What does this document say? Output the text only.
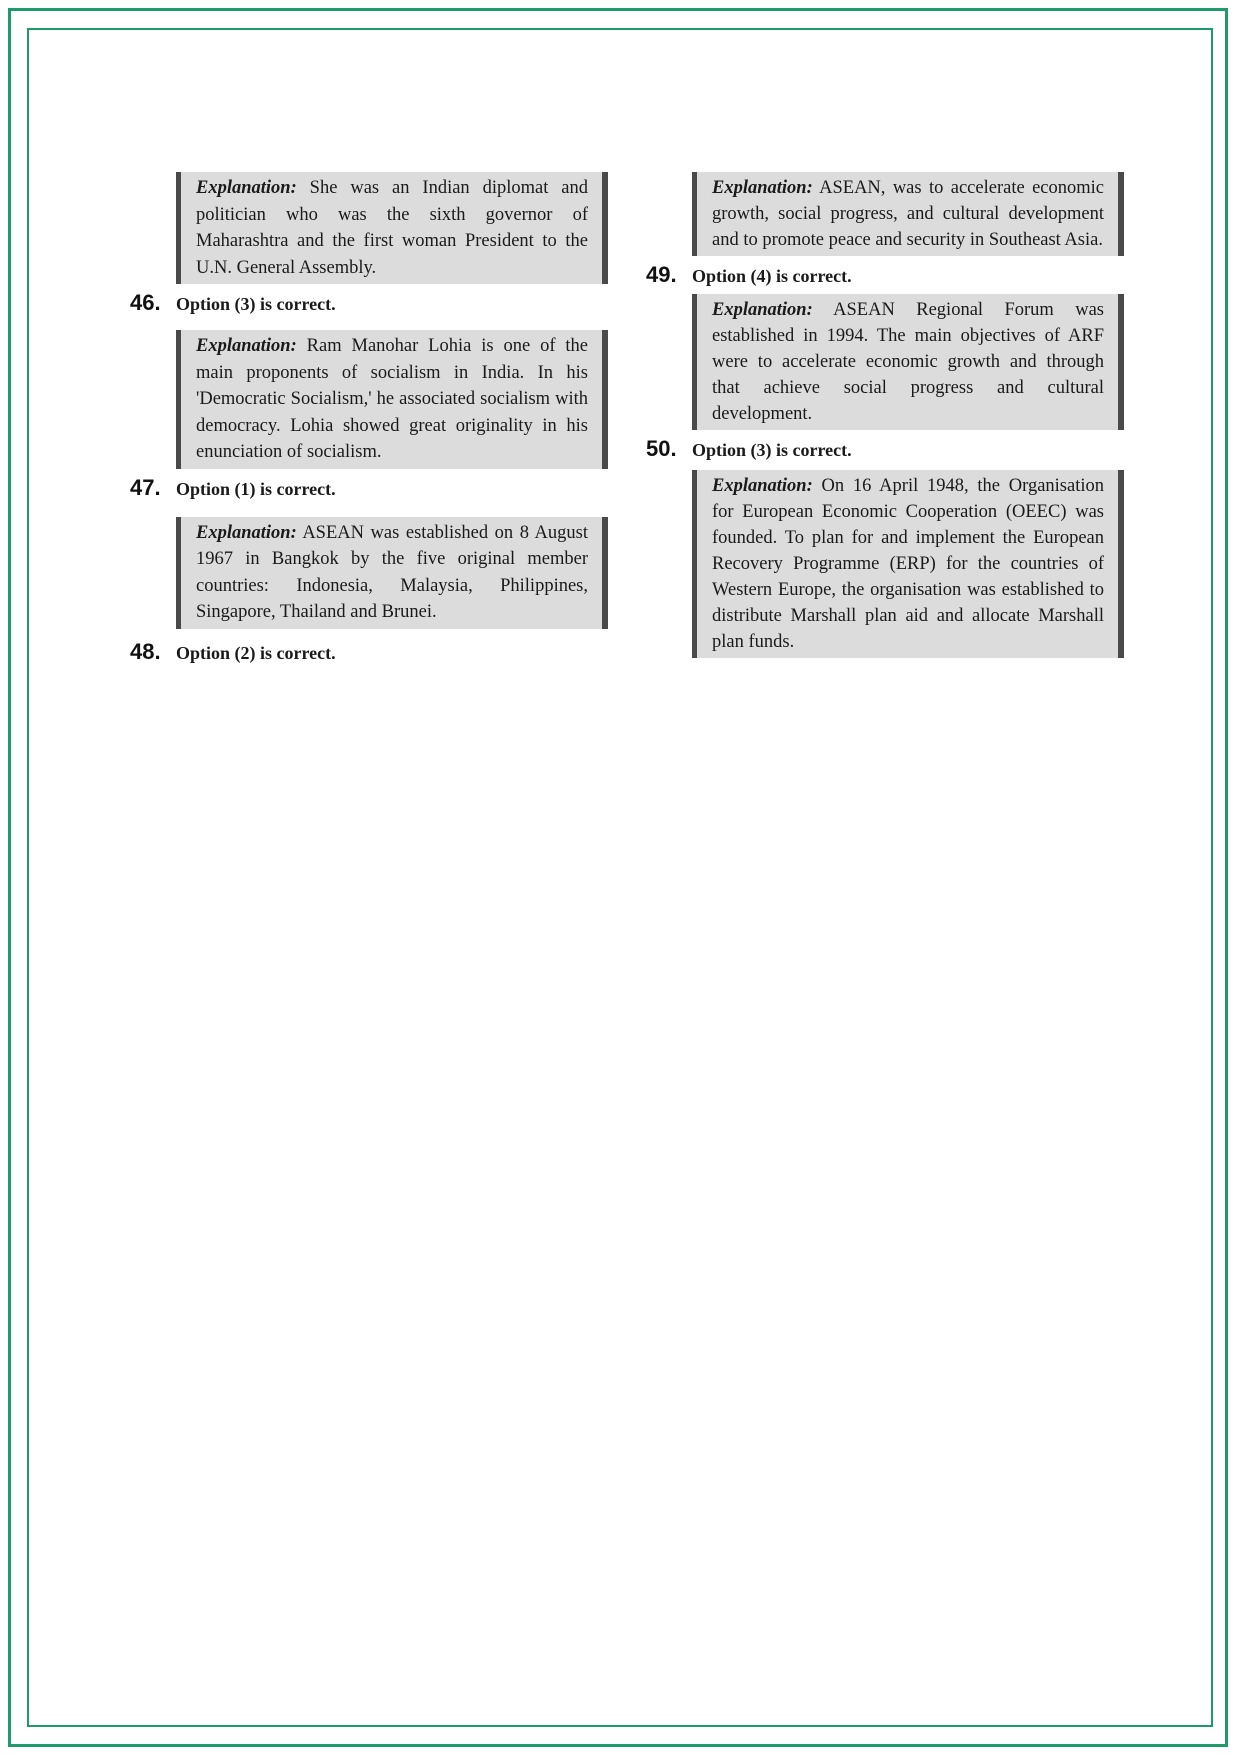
Explanation: She was an Indian diplomat and politician who was the sixth governor of Maharashtra and the first woman President to the U.N. General Assembly.
46. Option (3) is correct.
Explanation: Ram Manohar Lohia is one of the main proponents of socialism in India. In his 'Democratic Socialism,' he associated socialism with democracy. Lohia showed great originality in his enunciation of socialism.
47. Option (1) is correct.
Explanation: ASEAN was established on 8 August 1967 in Bangkok by the five original member countries: Indonesia, Malaysia, Philippines, Singapore, Thailand and Brunei.
48. Option (2) is correct.
Explanation: ASEAN, was to accelerate economic growth, social progress, and cultural development and to promote peace and security in Southeast Asia.
49. Option (4) is correct.
Explanation: ASEAN Regional Forum was established in 1994. The main objectives of ARF were to accelerate economic growth and through that achieve social progress and cultural development.
50. Option (3) is correct.
Explanation: On 16 April 1948, the Organisation for European Economic Cooperation (OEEC) was founded. To plan for and implement the European Recovery Programme (ERP) for the countries of Western Europe, the organisation was established to distribute Marshall plan aid and allocate Marshall plan funds.
